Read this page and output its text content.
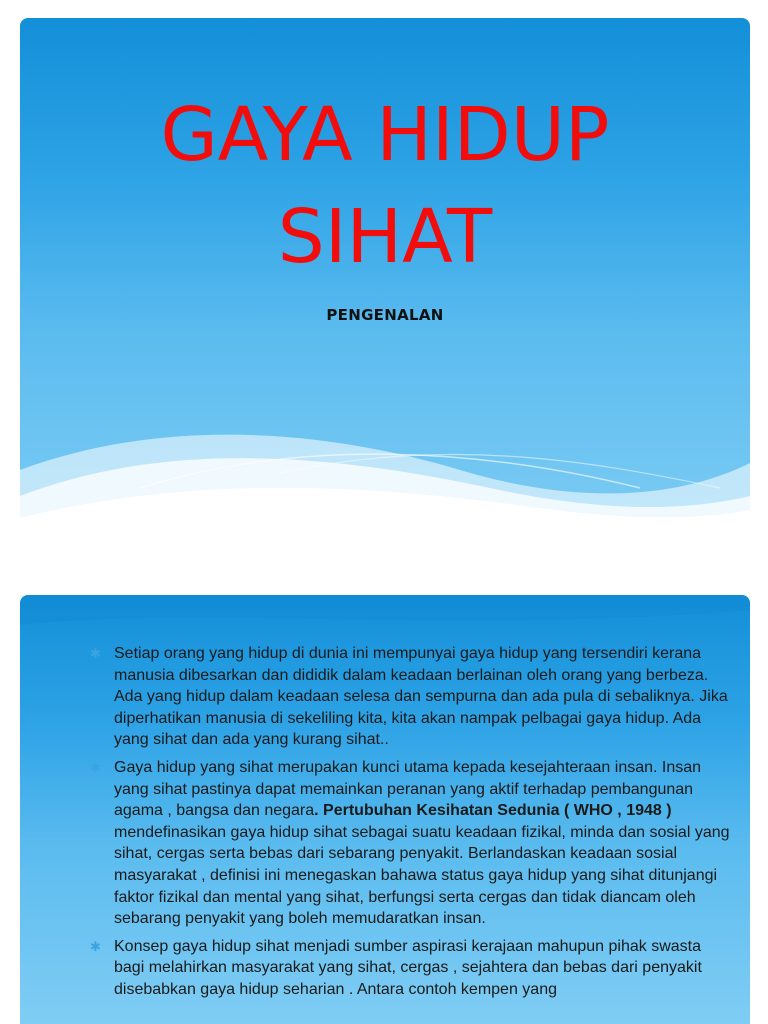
GAYA HIDUP
SIHAT
PENGENALAN
✱ Setiap orang yang hidup di dunia ini mempunyai gaya hidup yang tersendiri kerana manusia dibesarkan dan dididik dalam keadaan berlainan oleh orang yang berbeza. Ada yang hidup dalam keadaan selesa dan sempurna dan ada pula di sebaliknya. Jika diperhatikan manusia di sekeliling kita, kita akan nampak pelbagai gaya hidup. Ada yang sihat dan ada yang kurang sihat..
✱ Gaya hidup yang sihat merupakan kunci utama kepada kesejahteraan insan. Insan yang sihat pastinya dapat memainkan peranan yang aktif terhadap pembangunan agama , bangsa dan negara. Pertubuhan Kesihatan Sedunia ( WHO , 1948 ) mendefinasikan gaya hidup sihat sebagai suatu keadaan fizikal, minda dan sosial yang sihat, cergas serta bebas dari sebarang penyakit. Berlandaskan keadaan sosial masyarakat , definisi ini menegaskan bahawa status gaya hidup yang sihat ditunjangi faktor fizikal dan mental yang sihat, berfungsi serta cergas dan tidak diancam oleh sebarang penyakit yang boleh memudaratkan insan.
✱ Konsep gaya hidup sihat menjadi sumber aspirasi kerajaan mahupun pihak swasta bagi melahirkan masyarakat yang sihat, cergas , sejahtera dan bebas dari penyakit disebabkan gaya hidup seharian . Antara contoh kempen yang
